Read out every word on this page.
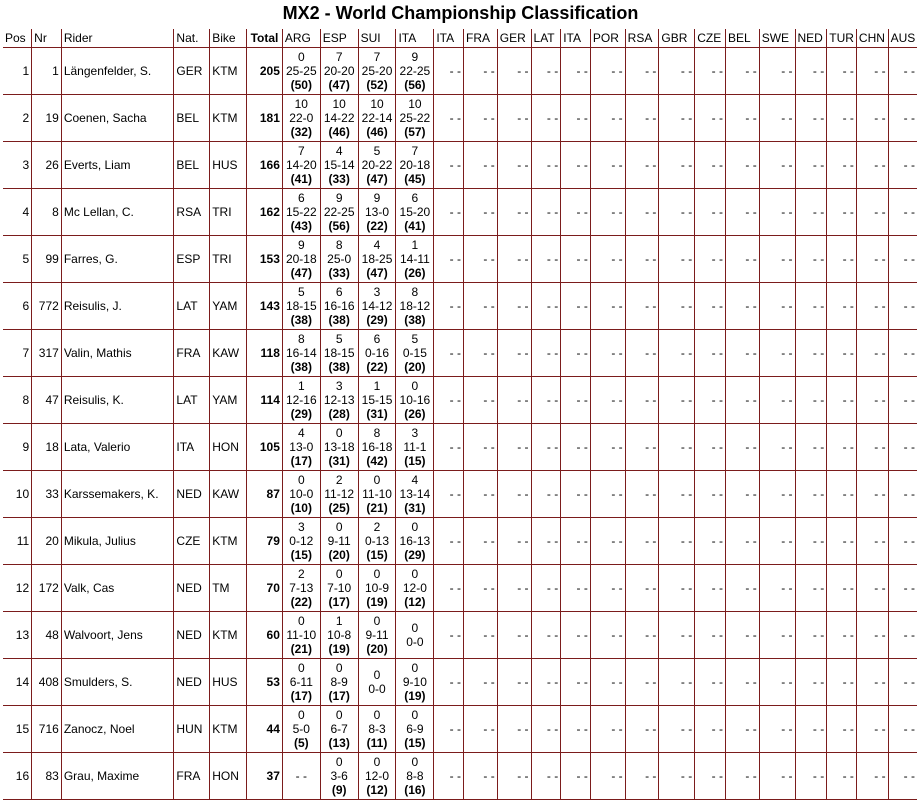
MX2 - World Championship Classification
Pos	Nr	Rider	Nat.	Bike	Total	ARG	ESP	SUI	ITA	ITA	FRA	GER	LAT	ITA	POR	RSA	GBR	CZE	BEL	SWE	NED	TUR	CHN	AUS
1	1	Längenfelder, S.	GER	KTM	205	0
25-25
(50)	7
20-20
(47)	7
25-20
(52)	9
22-25
(56)	- -	- -	- -	- -	- -	- -	- -	- -	- -	- -	- -	- -	- -	- -	- -
2	19	Coenen, Sacha	BEL	KTM	181	10
22-0
(32)	10
14-22
(46)	10
22-14
(46)	10
25-22
(57)	- -	- -	- -	- -	- -	- -	- -	- -	- -	- -	- -	- -	- -	- -	- -
3	26	Everts, Liam	BEL	HUS	166	7
14-20
(41)	4
15-14
(33)	5
20-22
(47)	7
20-18
(45)	- -	- -	- -	- -	- -	- -	- -	- -	- -	- -	- -	- -	- -	- -	- -
4	8	Mc Lellan, C.	RSA	TRI	162	6
15-22
(43)	9
22-25
(56)	9
13-0
(22)	6
15-20
(41)	- -	- -	- -	- -	- -	- -	- -	- -	- -	- -	- -	- -	- -	- -	- -
5	99	Farres, G.	ESP	TRI	153	9
20-18
(47)	8
25-0
(33)	4
18-25
(47)	1
14-11
(26)	- -	- -	- -	- -	- -	- -	- -	- -	- -	- -	- -	- -	- -	- -	- -
6	772	Reisulis, J.	LAT	YAM	143	5
18-15
(38)	6
16-16
(38)	3
14-12
(29)	8
18-12
(38)	- -	- -	- -	- -	- -	- -	- -	- -	- -	- -	- -	- -	- -	- -	- -
7	317	Valin, Mathis	FRA	KAW	118	8
16-14
(38)	5
18-15
(38)	6
0-16
(22)	5
0-15
(20)	- -	- -	- -	- -	- -	- -	- -	- -	- -	- -	- -	- -	- -	- -	- -
8	47	Reisulis, K.	LAT	YAM	114	1
12-16
(29)	3
12-13
(28)	1
15-15
(31)	0
10-16
(26)	- -	- -	- -	- -	- -	- -	- -	- -	- -	- -	- -	- -	- -	- -	- -
9	18	Lata, Valerio	ITA	HON	105	4
13-0
(17)	0
13-18
(31)	8
16-18
(42)	3
11-1
(15)	- -	- -	- -	- -	- -	- -	- -	- -	- -	- -	- -	- -	- -	- -	- -
10	33	Karssemakers, K.	NED	KAW	87	0
10-0
(10)	2
11-12
(25)	0
11-10
(21)	4
13-14
(31)	- -	- -	- -	- -	- -	- -	- -	- -	- -	- -	- -	- -	- -	- -	- -
11	20	Mikula, Julius	CZE	KTM	79	3
0-12
(15)	0
9-11
(20)	2
0-13
(15)	0
16-13
(29)	- -	- -	- -	- -	- -	- -	- -	- -	- -	- -	- -	- -	- -	- -	- -
12	172	Valk, Cas	NED	TM	70	2
7-13
(22)	0
7-10
(17)	0
10-9
(19)	0
12-0
(12)	- -	- -	- -	- -	- -	- -	- -	- -	- -	- -	- -	- -	- -	- -	- -
13	48	Walvoort, Jens	NED	KTM	60	0
11-10
(21)	1
10-8
(19)	0
9-11
(20)	0
0-0	- -	- -	- -	- -	- -	- -	- -	- -	- -	- -	- -	- -	- -	- -	- -
14	408	Smulders, S.	NED	HUS	53	0
6-11
(17)	0
8-9
(17)	0
0-0	0
9-10
(19)	- -	- -	- -	- -	- -	- -	- -	- -	- -	- -	- -	- -	- -	- -	- -
15	716	Zanocz, Noel	HUN	KTM	44	0
5-0
(5)	0
6-7
(13)	0
8-3
(11)	0
6-9
(15)	- -	- -	- -	- -	- -	- -	- -	- -	- -	- -	- -	- -	- -	- -	- -
16	83	Grau, Maxime	FRA	HON	37	- -	0
3-6
(9)	0
12-0
(12)	0
8-8
(16)	- -	- -	- -	- -	- -	- -	- -	- -	- -	- -	- -	- -	- -	- -	- -
